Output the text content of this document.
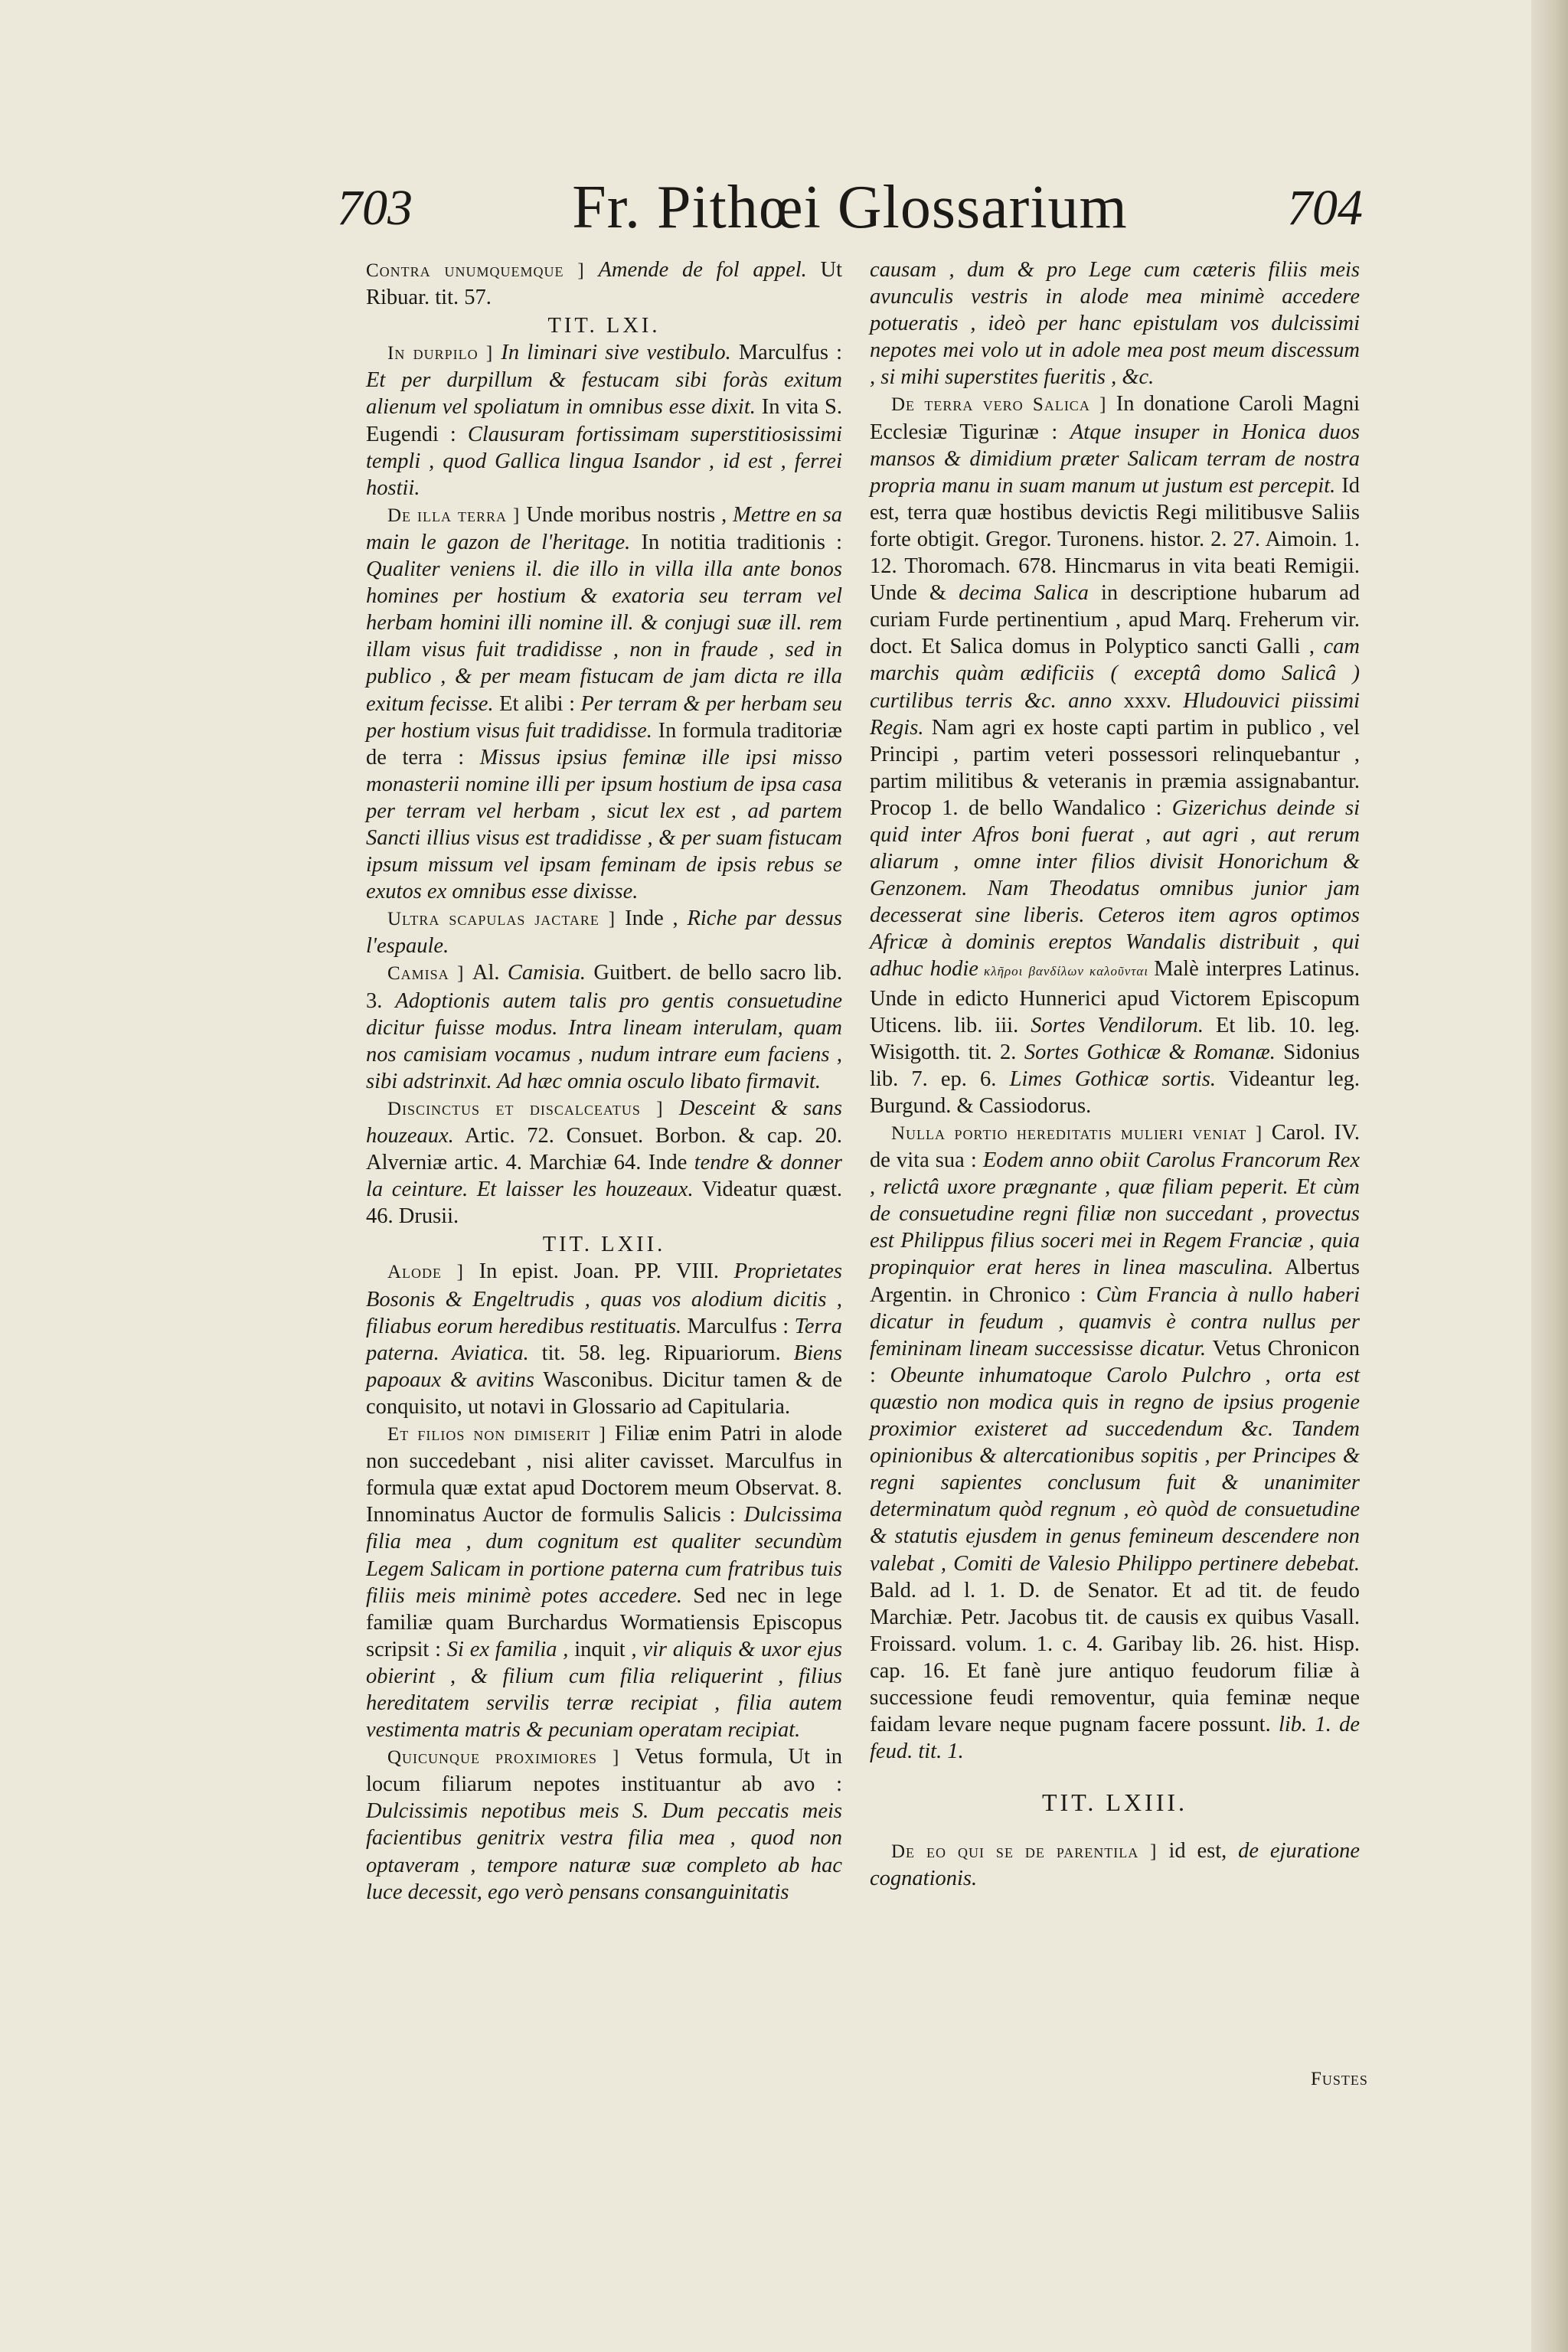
703	Fr. Pithœi Glossarium	704

Contra unumquemque ] Amende de fol appel. Ut Ribuar. tit. 57.

TIT. LXI.

In durpilo ] In liminari sive vestibulo. Marculfus : Et per durpillum & festucam sibi foràs exitum alienum vel spoliatum in omnibus esse dixit. In vita S. Eugendi : Clausuram fortissimam superstitiosissimi templi , quod Gallica lingua Isandor , id est , ferrei hostii.

De illa terra ] Unde moribus nostris , Mettre en sa main le gazon de l'heritage. In notitia traditionis : Qualiter veniens il. die illo in villa illa ante bonos homines per hostium & exatoria seu terram vel herbam homini illi nomine ill. & conjugi suæ ill. rem illam visus fuit tradidisse , non in fraude , sed in publico , & per meam fistucam de jam dicta re illa exitum fecisse. Et alibi : Per terram & per herbam seu per hostium visus fuit tradidisse. In formula traditoriæ de terra : Missus ipsius feminæ ille ipsi misso monasterii nomine illi per ipsum hostium de ipsa casa per terram vel herbam , sicut lex est , ad partem Sancti illius visus est tradidisse , & per suam fistucam ipsum missum vel ipsam feminam de ipsis rebus se exutos ex omnibus esse dixisse.

Ultra scapulas jactare ] Inde , Riche par dessus l'espaule.

Camisa ] Al. Camisia. Guitbert. de bello sacro lib. 3. Adoptionis autem talis pro gentis consuetudine dicitur fuisse modus. Intra lineam interulam, quam nos camisiam vocamus , nudum intrare eum faciens , sibi adstrinxit. Ad hæc omnia osculo libato firmavit.

Discinctus et discalceatus ] Desceint & sans houzeaux. Artic. 72. Consuet. Borbon. & cap. 20. Alverniæ artic. 4. Marchiæ 64. Inde tendre & donner la ceinture. Et laisser les houzeaux. Videatur quæst. 46. Drusii.

TIT. LXII.

Alode ] In epist. Joan. PP. VIII. Proprietates Bosonis & Engeltrudis , quas vos alodium dicitis , filiabus eorum heredibus restituatis. Marculfus : Terra paterna. Aviatica. tit. 58. leg. Ripuariorum. Biens papoaux & avitins Wasconibus. Dicitur tamen & de conquisito, ut notavi in Glossario ad Capitularia.

Et filios non dimiserit ] Filiæ enim Patri in alode non succedebant , nisi aliter cavisset. Marculfus in formula quæ extat apud Doctorem meum Observat. 8. Innominatus Auctor de formulis Salicis : Dulcissima filia mea , dum cognitum est qualiter secundùm Legem Salicam in portione paterna cum fratribus tuis filiis meis minimè potes accedere. Sed nec in lege familiæ quam Burchardus Wormatiensis Episcopus scripsit : Si ex familia , inquit , vir aliquis & uxor ejus obierint , & filium cum filia reliquerint , filius hereditatem servilis terræ recipiat , filia autem vestimenta matris & pecuniam operatam recipiat.

Quicunque proximiores ] Vetus formula, Ut in locum filiarum nepotes instituantur ab avo : Dulcissimis nepotibus meis S. Dum peccatis meis facientibus genitrix vestra filia mea , quod non optaveram , tempore naturæ suæ completo ab hac luce decessit, ego verò pensans consanguinitatis

causam , dum & pro Lege cum cæteris filiis meis avunculis vestris in alode mea minimè accedere potueratis , ideò per hanc epistulam vos dulcissimi nepotes mei volo ut in adole mea post meum discessum , si mihi superstites fueritis , &c.

De terra vero Salica ] In donatione Caroli Magni Ecclesiæ Tigurinæ : Atque insuper in Honica duos mansos & dimidium præter Salicam terram de nostra propria manu in suam manum ut justum est percepit. Id est, terra quæ hostibus devictis Regi militibusve Saliis forte obtigit. Gregor. Turonens. histor. 2. 27. Aimoin. 1. 12. Thoromach. 678. Hincmarus in vita beati Remigii. Unde & decima Salica in descriptione hubarum ad curiam Furde pertinentium , apud Marq. Freherum vir. doct. Et Salica domus in Polyptico sancti Galli , cam marchis quàm ædificiis ( exceptâ domo Salicâ ) curtilibus terris &c. anno xxxv. Hludouvici piissimi Regis. Nam agri ex hoste capti partim in publico , vel Principi , partim veteri possessori relinquebantur , partim militibus & veteranis in præmia assignabantur. Procop 1. de bello Wandalico : Gizerichus deinde si quid inter Afros boni fuerat , aut agri , aut rerum aliarum , omne inter filios divisit Honorichum & Genzonem. Nam Theodatus omnibus junior jam decesserat sine liberis. Ceteros item agros optimos Africæ à dominis ereptos Wandalis distribuit , qui adhuc hodie κλῆροι βανδίλων καλοῦνται Malè interpres Latinus. Unde in edicto Hunnerici apud Victorem Episcopum Uticens. lib. iii. Sortes Vendilorum. Et lib. 10. leg. Wisigotth. tit. 2. Sortes Gothicæ & Romanæ. Sidonius lib. 7. ep. 6. Limes Gothicæ sortis. Videantur leg. Burgund. & Cassiodorus.

Nulla portio hereditatis mulieri veniat ] Carol. IV. de vita sua : Eodem anno obiit Carolus Francorum Rex , relictâ uxore prægnante , quæ filiam peperit. Et cùm de consuetudine regni filiæ non succedant , provectus est Philippus filius soceri mei in Regem Franciæ , quia propinquior erat heres in linea masculina. Albertus Argentin. in Chronico : Cùm Francia à nullo haberi dicatur in feudum , quamvis è contra nullus per femininam lineam successisse dicatur. Vetus Chronicon : Obeunte inhumatoque Carolo Pulchro , orta est quæstio non modica quis in regno de ipsius progenie proximior existeret ad succedendum &c. Tandem opinionibus & altercationibus sopitis , per Principes & regni sapientes conclusum fuit & unanimiter determinatum quòd regnum , eò quòd de consuetudine & statutis ejusdem in genus femineum descendere non valebat , Comiti de Valesio Philippo pertinere debebat. Bald. ad l. 1. D. de Senator. Et ad tit. de feudo Marchiæ. Petr. Jacobus tit. de causis ex quibus Vasall. Froissard. volum. 1. c. 4. Garibay lib. 26. hist. Hisp. cap. 16. Et fanè jure antiquo feudorum filiæ à successione feudi removentur, quia feminæ neque faidam levare neque pugnam facere possunt. lib. 1. de feud. tit. 1.

TIT. LXIII.

De eo qui se de parentila ] id est, de ejuratione cognationis.

Fustes
